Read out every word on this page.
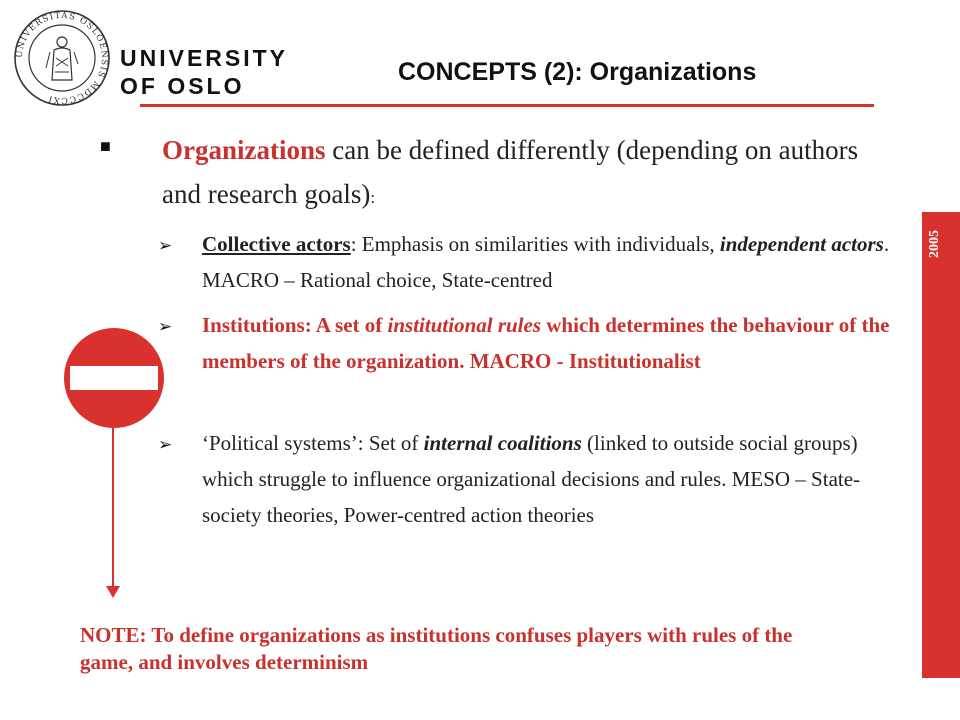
UNIVERSITAS OSLOENSIS MDCCCXI
UNIVERSITY
OF OSLO	CONCEPTS (2): Organizations
2005
■ Organizations can be defined differently (depending on authors and research goals):
➢ Collective actors: Emphasis on similarities with individuals, independent actors. MACRO – Rational choice, State-centred
➢ Institutions: A set of institutional rules which determines the behaviour of the members of the organization. MACRO - Institutionalist
➢ ‘Political systems’: Set of internal coalitions (linked to outside social groups) which struggle to influence organizational decisions and rules. MESO – State-society theories, Power-centred action theories
NOTE: To define organizations as institutions confuses players with rules of the game, and involves determinism
